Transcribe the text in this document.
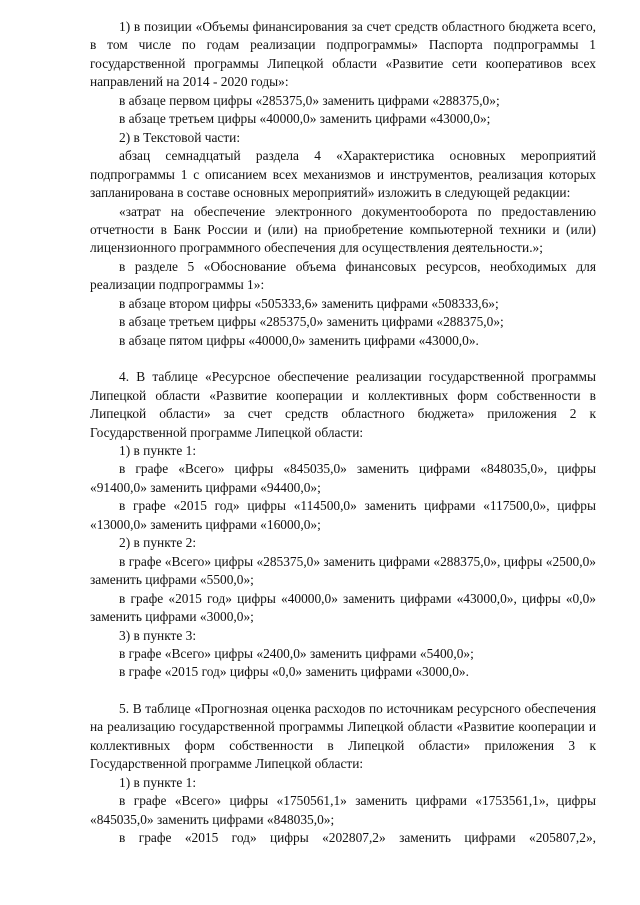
1) в позиции «Объемы финансирования за счет средств областного бюджета всего, в том числе по годам реализации подпрограммы» Паспорта подпрограммы 1 государственной программы Липецкой области «Развитие сети кооперативов всех направлений на 2014 - 2020 годы»:

в абзаце первом цифры «285375,0» заменить цифрами «288375,0»;

в абзаце третьем цифры «40000,0» заменить цифрами «43000,0»;

2) в Текстовой части:

абзац семнадцатый раздела 4 «Характеристика основных мероприятий подпрограммы 1 с описанием всех механизмов и инструментов, реализация которых запланирована в составе основных мероприятий» изложить в следующей редакции:

«затрат на обеспечение электронного документооборота по предоставлению отчетности в Банк России и (или) на приобретение компьютерной техники и (или) лицензионного программного обеспечения для осуществления деятельности.»;

в разделе 5 «Обоснование объема финансовых ресурсов, необходимых для реализации подпрограммы 1»:

в абзаце втором цифры «505333,6» заменить цифрами «508333,6»;

в абзаце третьем цифры «285375,0» заменить цифрами «288375,0»;

в абзаце пятом цифры «40000,0» заменить цифрами «43000,0».

4. В таблице «Ресурсное обеспечение реализации государственной программы Липецкой области «Развитие кооперации и коллективных форм собственности в Липецкой области» за счет средств областного бюджета» приложения 2 к Государственной программе Липецкой области:

1) в пункте 1:

в графе «Всего» цифры «845035,0» заменить цифрами «848035,0», цифры «91400,0» заменить цифрами «94400,0»;

в графе «2015 год» цифры «114500,0» заменить цифрами «117500,0», цифры «13000,0» заменить цифрами «16000,0»;

2) в пункте 2:

в графе «Всего» цифры «285375,0» заменить цифрами «288375,0», цифры «2500,0» заменить цифрами «5500,0»;

в графе «2015 год» цифры «40000,0» заменить цифрами «43000,0», цифры «0,0» заменить цифрами «3000,0»;

3) в пункте 3:

в графе «Всего» цифры «2400,0» заменить цифрами «5400,0»;

в графе «2015 год» цифры «0,0» заменить цифрами «3000,0».

5. В таблице «Прогнозная оценка расходов по источникам ресурсного обеспечения на реализацию государственной программы Липецкой области «Развитие кооперации и коллективных форм собственности в Липецкой области» приложения 3 к Государственной программе Липецкой области:

1) в пункте 1:

в графе «Всего» цифры «1750561,1» заменить цифрами «1753561,1», цифры «845035,0» заменить цифрами «848035,0»;

в графе «2015 год» цифры «202807,2» заменить цифрами «205807,2»,
